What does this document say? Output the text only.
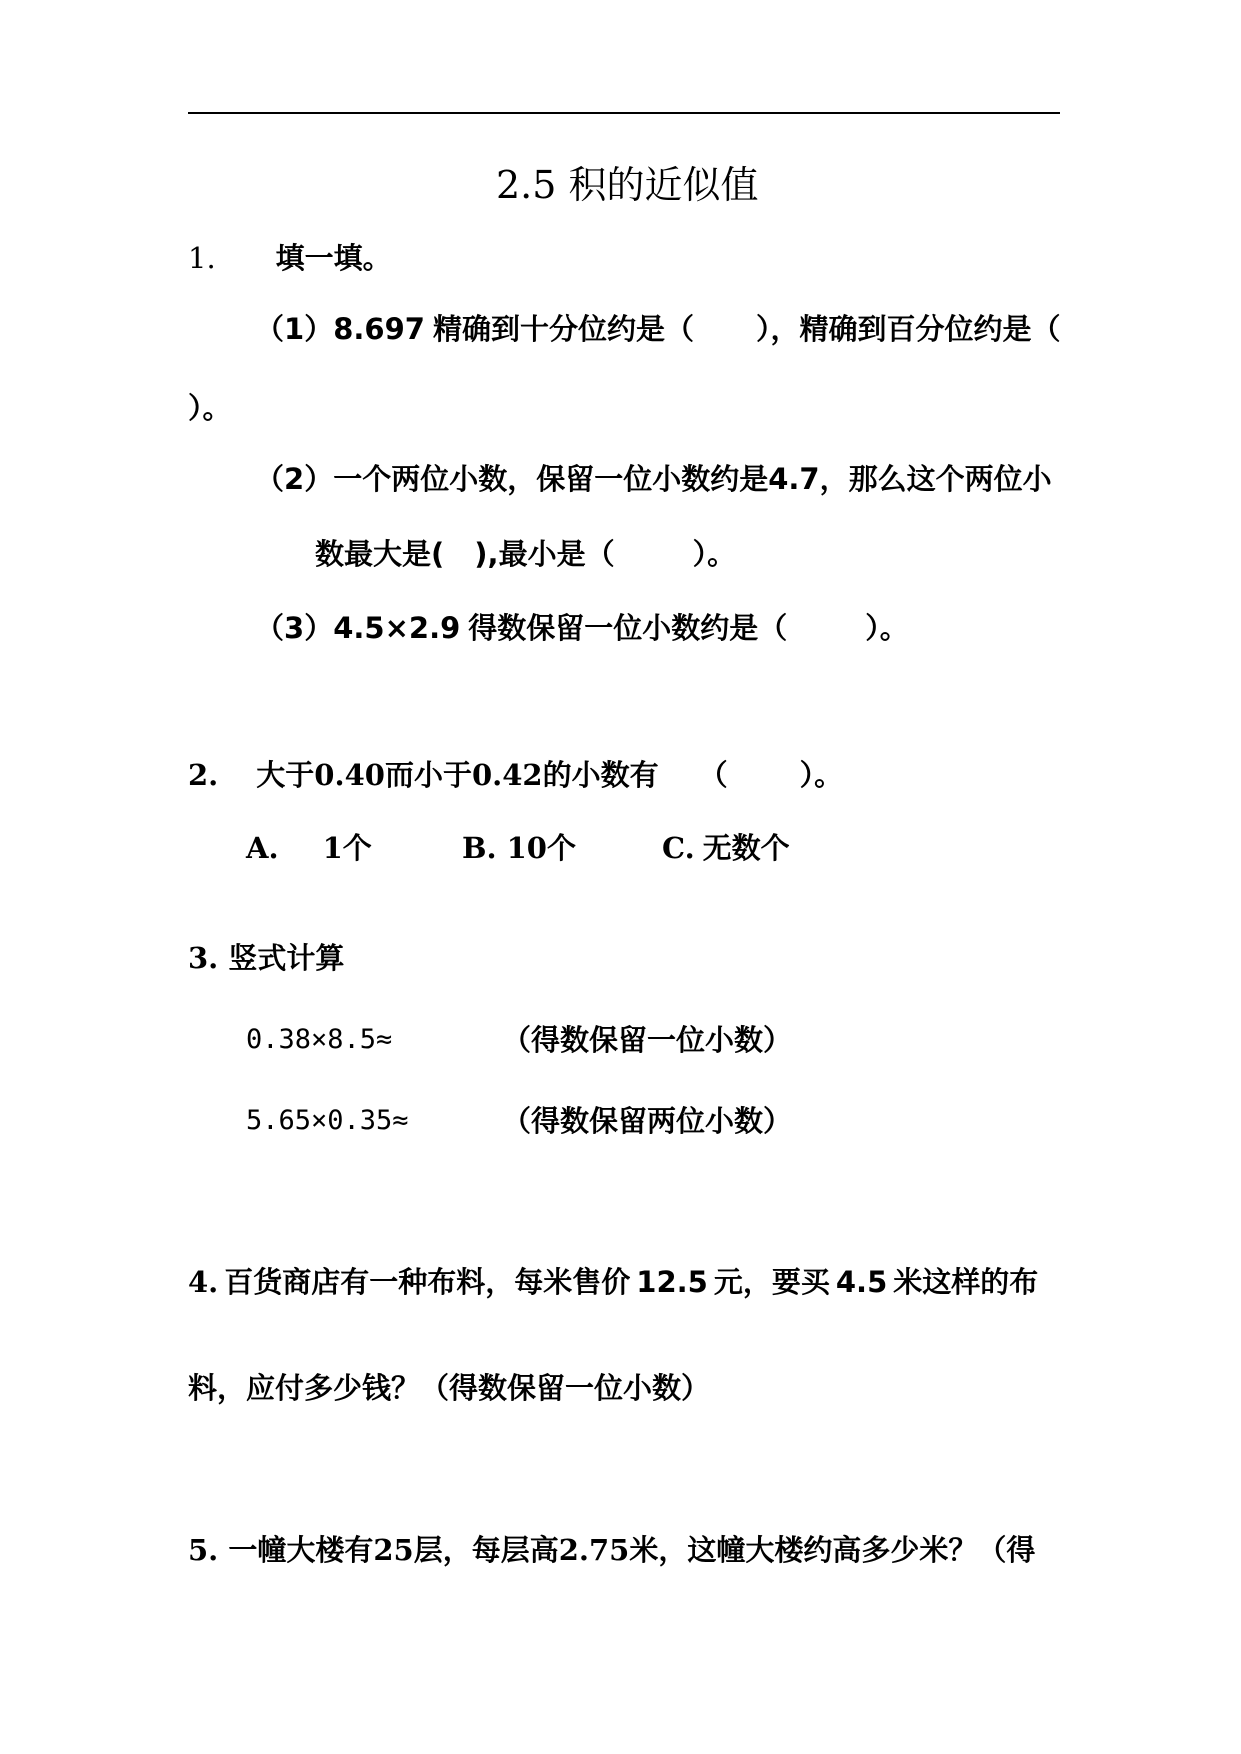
2.5 积的近似值
1. 填一填。
（1）8.697 精确到十分位约是（ ），精确到百分位约是（
）。
（2）一个两位小数，保留一位小数约是4.7，那么这个两位小
数最大是( ),最小是（	）。
（3）4.5×2.9 得数保留一位小数约是（	）。
2. 大于0.40而小于0.42的小数有 （ ）。
A. 1个	B. 10个	C. 无数个
3. 竖式计算
0.38×8.5≈	（得数保留一位小数）
5.65×0.35≈	（得数保留两位小数）
4. 百货商店有一种布料，每米售价 12.5 元，要买 4.5 米这样的布
料，应付多少钱？（得数保留一位小数）
5. 一幢大楼有25层，每层高2.75米，这幢大楼约高多少米？（得
